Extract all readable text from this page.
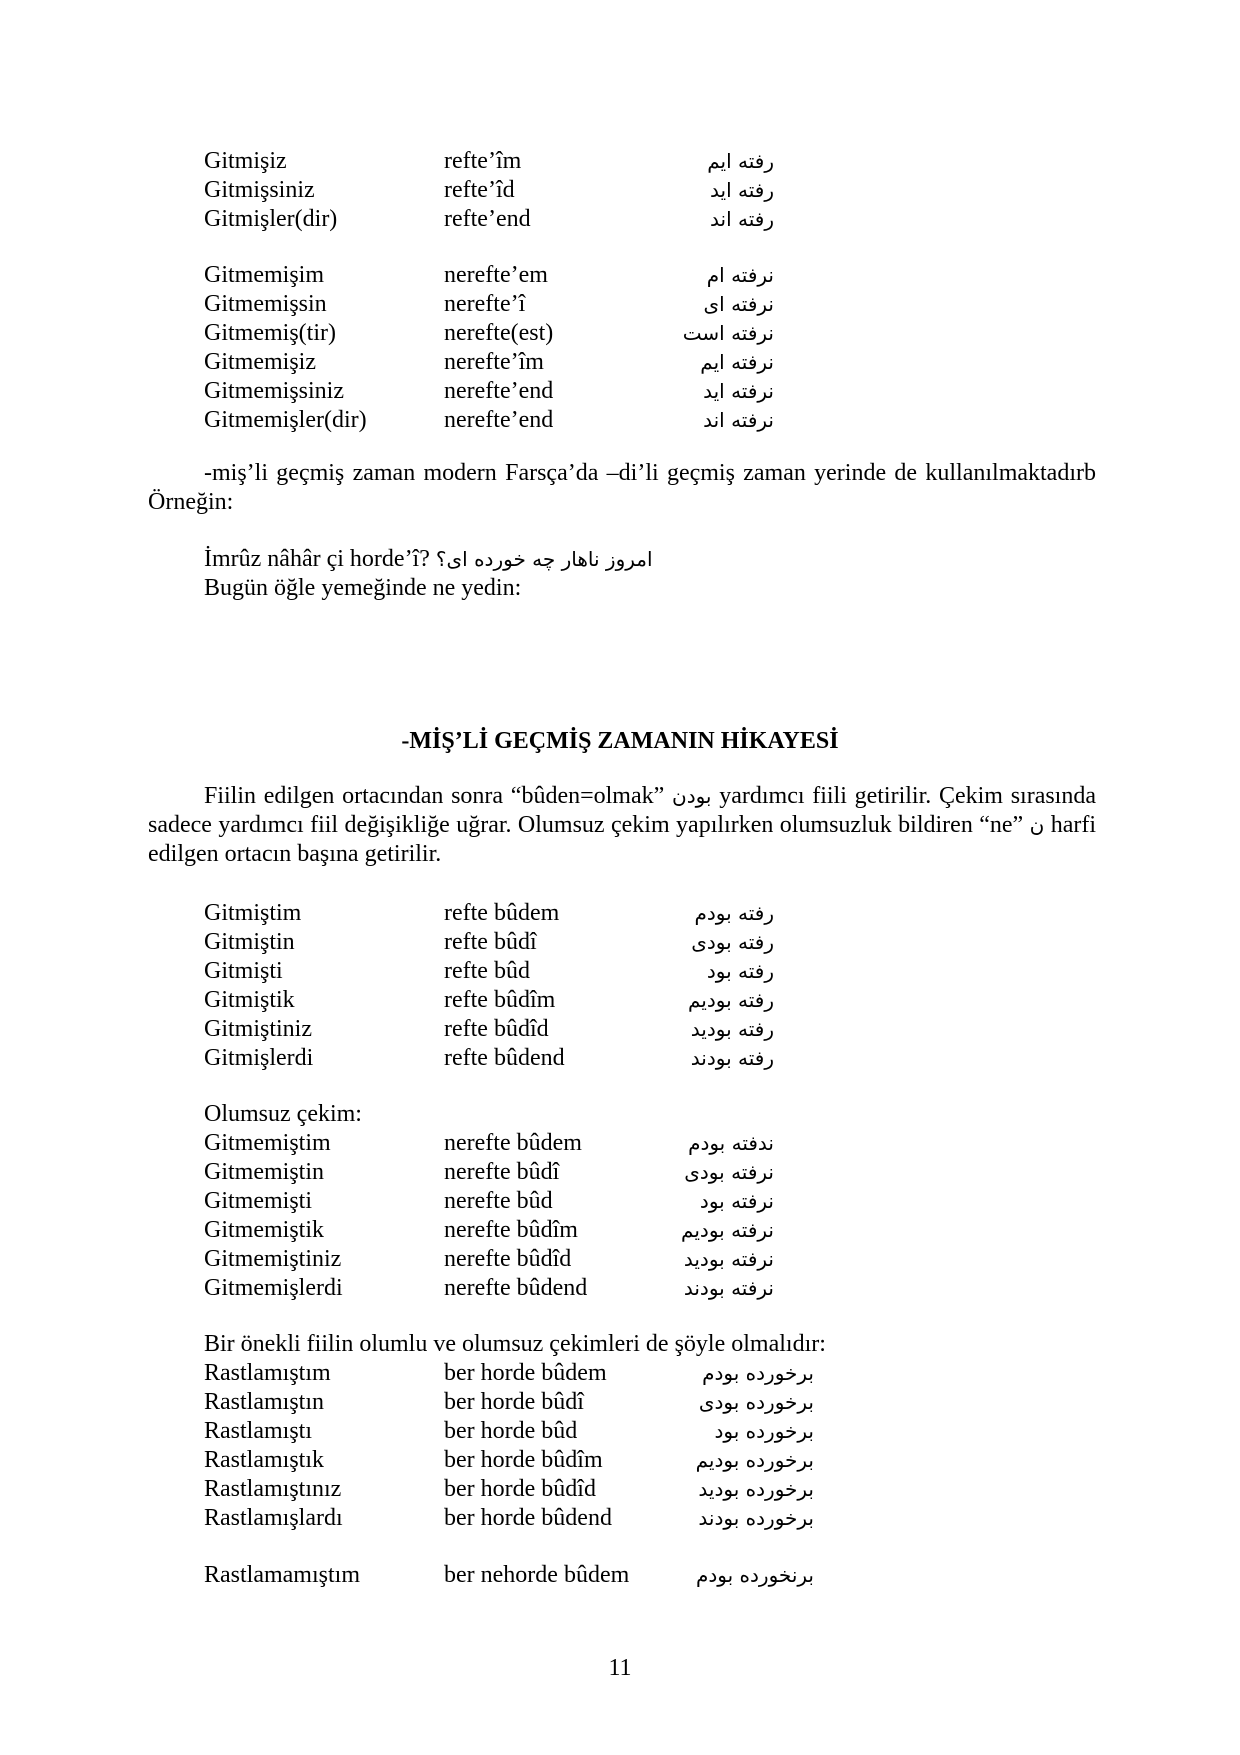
Gitmişiz	refte’îm	رفته ایم
Gitmişsiniz	refte’îd	رفته اید
Gitmişler(dir)	refte’end	رفته اند
Gitmemişim	nerefte’em	نرفته ام
Gitmemişsin	nerefte’î	نرفته ای
Gitmemiş(tir)	nerefte(est)	نرفته است
Gitmemişiz	nerefte’îm	نرفته ایم
Gitmemişsiniz	nerefte’end	نرفته اید
Gitmemişler(dir)	nerefte’end	نرفته اند
-miş’li geçmiş zaman modern Farsça’da –di’li geçmiş zaman yerinde de kullanılmaktadırb Örneğin:
İmrûz nâhâr çi horde’î? امروز ناهار چه خورده ای؟
Bugün öğle yemeğinde ne yedin:
-MİŞ’Lİ GEÇMİŞ ZAMANIN HİKAYESİ
Fiilin edilgen ortacından sonra “bûden=olmak” بودن yardımcı fiili getirilir. Çekim sırasında sadece yardımcı fiil değişikliğe uğrar. Olumsuz çekim yapılırken olumsuzluk bildiren “ne” ن harfi edilgen ortacın başına getirilir.
Gitmiştim	refte bûdem	رفته بودم
Gitmiştin	refte bûdî	رفته بودی
Gitmişti	refte bûd	رفته بود
Gitmiştik	refte bûdîm	رفته بودیم
Gitmiştiniz	refte bûdîd	رفته بودید
Gitmişlerdi	refte bûdend	رفته بودند
Olumsuz çekim:
Gitmemiştim	nerefte bûdem	ندفته بودم
Gitmemiştin	nerefte bûdî	نرفته بودی
Gitmemişti	nerefte bûd	نرفته بود
Gitmemiştik	nerefte bûdîm	نرفته بودیم
Gitmemiştiniz	nerefte bûdîd	نرفته بودید
Gitmemişlerdi	nerefte bûdend	نرفته بودند
Bir önekli fiilin olumlu ve olumsuz çekimleri de şöyle olmalıdır:
Rastlamıştım	ber horde bûdem	برخورده بودم
Rastlamıştın	ber horde bûdî	برخورده بودی
Rastlamıştı	ber horde bûd	برخورده بود
Rastlamıştık	ber horde bûdîm	برخورده بودیم
Rastlamıştınız	ber horde bûdîd	برخورده بودید
Rastlamışlardı	ber horde bûdend	برخورده بودند
Rastlamamıştım	ber nehorde bûdem	برنخورده بودم
11
